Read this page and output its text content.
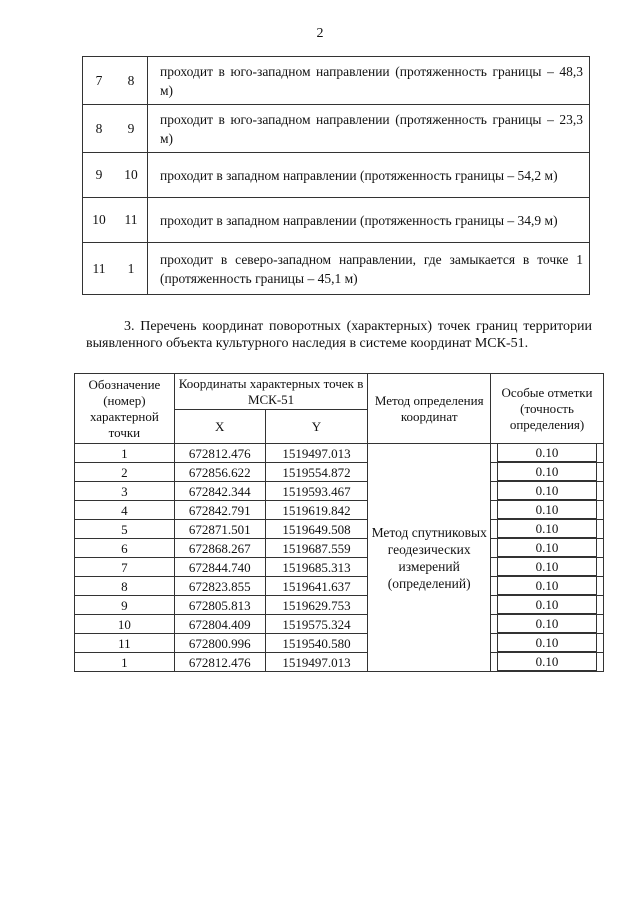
2
7	8	проходит в юго-западном направлении (протяженность границы – 48,3 м)
8	9	проходит в юго-западном направлении (протяженность границы – 23,3 м)
9	10	проходит в западном направлении (протяженность границы – 54,2 м)
10	11	проходит в западном направлении (протяженность границы – 34,9 м)
11	1	проходит в северо-западном направлении, где замыкается в точке 1 (протяженность границы – 45,1 м)
3. Перечень координат поворотных (характерных) точек границ территории выявленного объекта культурного наследия в системе координат МСК-51.
Обозначение (номер) характерной точки	Координаты характерных точек в МСК-51		Метод определения координат	Особые отметки (точность определения)
	X	Y		
1	672812.476	1519497.013	Метод спутниковых геодезических измерений (определений)	0.10

2	672856.622	1519554.872		0.10

3	672842.344	1519593.467		0.10

4	672842.791	1519619.842		0.10

5	672871.501	1519649.508		0.10

6	672868.267	1519687.559		0.10

7	672844.740	1519685.313		0.10

8	672823.855	1519641.637		0.10

9	672805.813	1519629.753		0.10

10	672804.409	1519575.324		0.10

11	672800.996	1519540.580		0.10

1	672812.476	1519497.013		0.10
